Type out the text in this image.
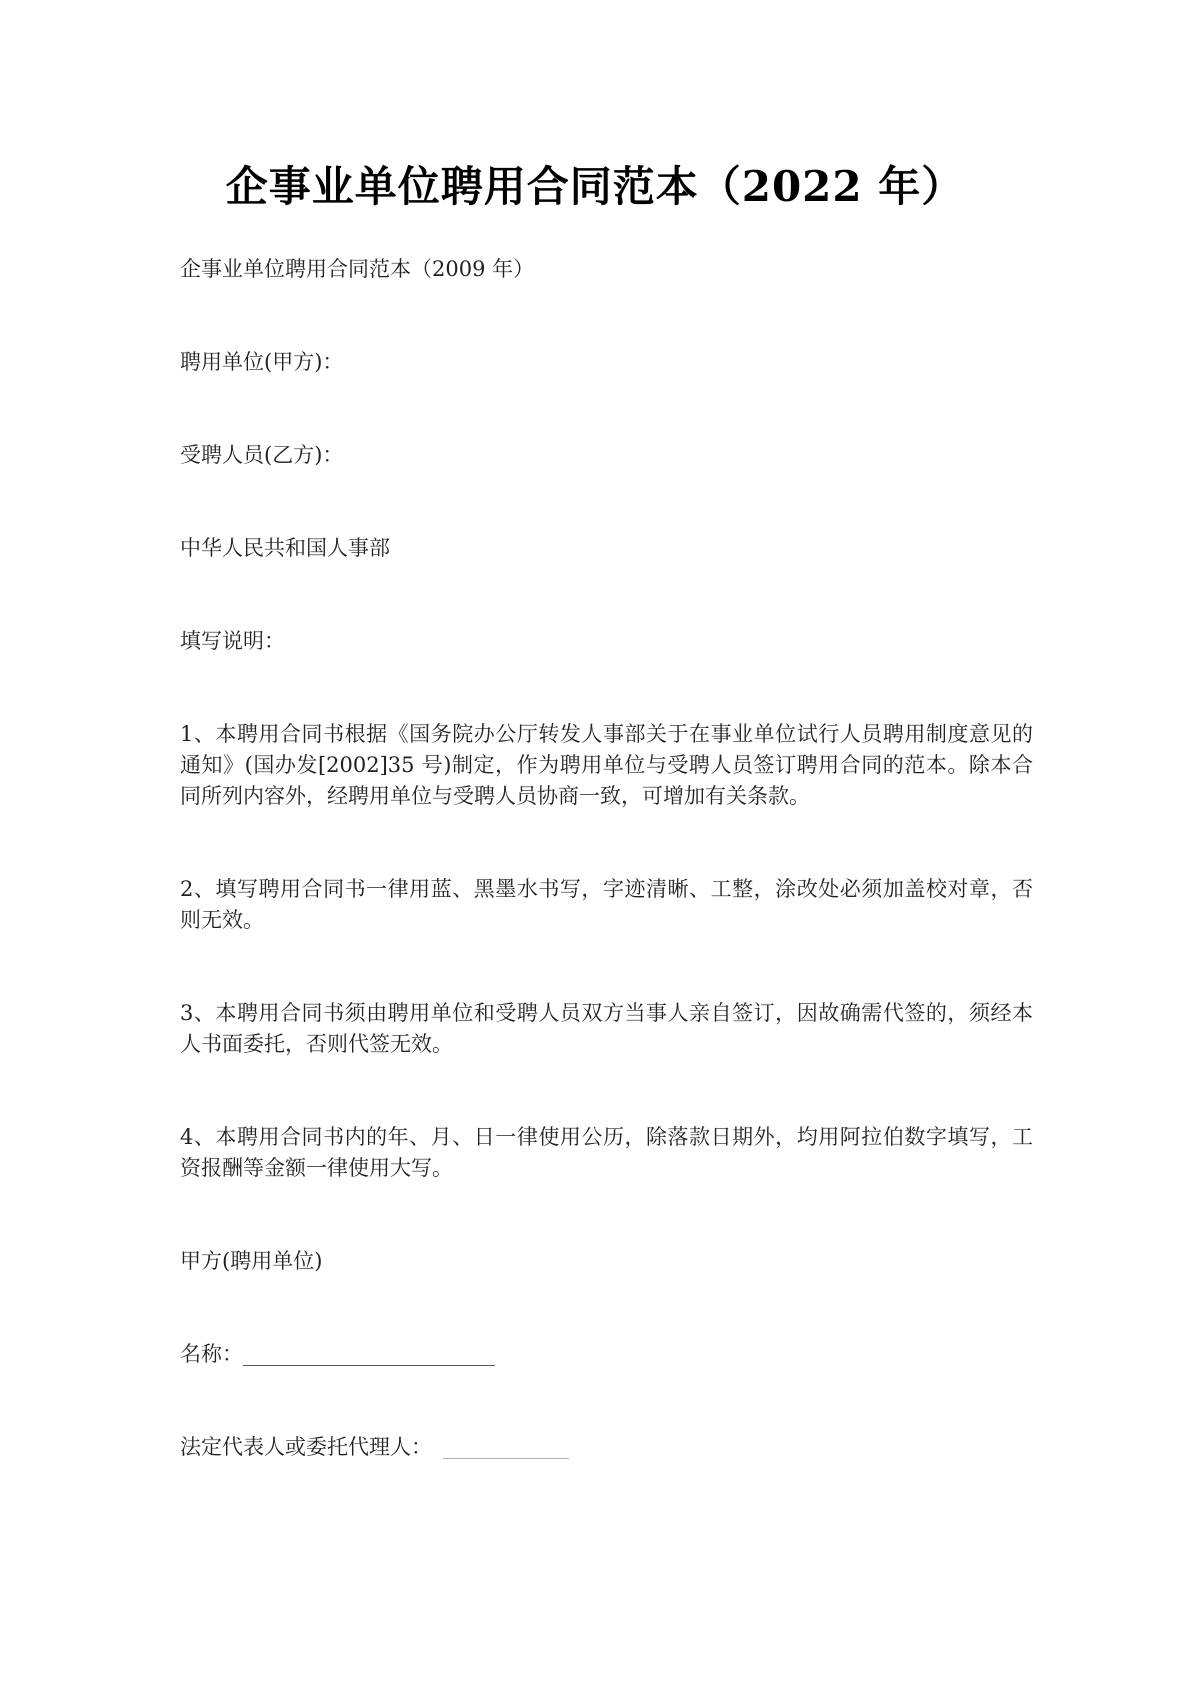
企事业单位聘用合同范本（2022 年）

企事业单位聘用合同范本（2009 年）

聘用单位(甲方)：

受聘人员(乙方)：

中华人民共和国人事部

填写说明：

1、本聘用合同书根据《国务院办公厅转发人事部关于在事业单位试行人员聘用制度意见的通知》(国办发[2002]35 号)制定，作为聘用单位与受聘人员签订聘用合同的范本。除本合同所列内容外，经聘用单位与受聘人员协商一致，可增加有关条款。

2、填写聘用合同书一律用蓝、黑墨水书写，字迹清晰、工整，涂改处必须加盖校对章，否则无效。

3、本聘用合同书须由聘用单位和受聘人员双方当事人亲自签订，因故确需代签的，须经本人书面委托，否则代签无效。

4、本聘用合同书内的年、月、日一律使用公历，除落款日期外，均用阿拉伯数字填写，工资报酬等金额一律使用大写。

甲方(聘用单位)

名称：________________________

法定代表人或委托代理人： ____________
